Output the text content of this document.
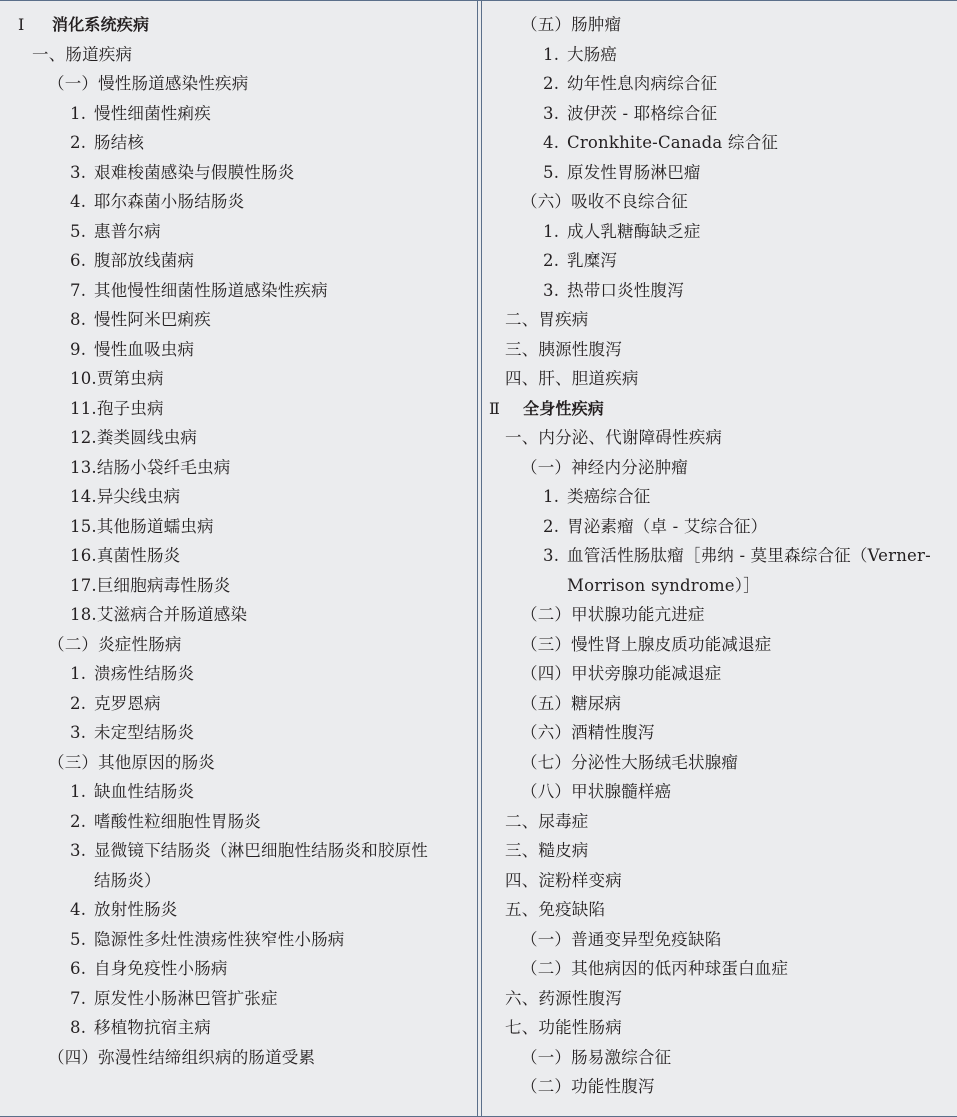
Ⅰ 消化系统疾病
一、肠道疾病
（一）慢性肠道感染性疾病
1. 慢性细菌性痢疾
2. 肠结核
3. 艰难梭菌感染与假膜性肠炎
4. 耶尔森菌小肠结肠炎
5. 惠普尔病
6. 腹部放线菌病
7. 其他慢性细菌性肠道感染性疾病
8. 慢性阿米巴痢疾
9. 慢性血吸虫病
10.贾第虫病
11.孢子虫病
12.粪类圆线虫病
13.结肠小袋纤毛虫病
14.异尖线虫病
15.其他肠道蠕虫病
16.真菌性肠炎
17.巨细胞病毒性肠炎
18.艾滋病合并肠道感染
（二）炎症性肠病
1. 溃疡性结肠炎
2. 克罗恩病
3. 未定型结肠炎
（三）其他原因的肠炎
1. 缺血性结肠炎
2. 嗜酸性粒细胞性胃肠炎
3. 显微镜下结肠炎（淋巴细胞性结肠炎和胶原性
结肠炎）
4. 放射性肠炎
5. 隐源性多灶性溃疡性狭窄性小肠病
6. 自身免疫性小肠病
7. 原发性小肠淋巴管扩张症
8. 移植物抗宿主病
（四）弥漫性结缔组织病的肠道受累
（五）肠肿瘤
1. 大肠癌
2. 幼年性息肉病综合征
3. 波伊茨 - 耶格综合征
4. Cronkhite-Canada 综合征
5. 原发性胃肠淋巴瘤
（六）吸收不良综合征
1. 成人乳糖酶缺乏症
2. 乳糜泻
3. 热带口炎性腹泻
二、胃疾病
三、胰源性腹泻
四、肝、胆道疾病
Ⅱ 全身性疾病
一、内分泌、代谢障碍性疾病
（一）神经内分泌肿瘤
1. 类癌综合征
2. 胃泌素瘤（卓 - 艾综合征）
3. 血管活性肠肽瘤［弗纳 - 莫里森综合征（Verner-
Morrison syndrome）］
（二）甲状腺功能亢进症
（三）慢性肾上腺皮质功能减退症
（四）甲状旁腺功能减退症
（五）糖尿病
（六）酒精性腹泻
（七）分泌性大肠绒毛状腺瘤
（八）甲状腺髓样癌
二、尿毒症
三、糙皮病
四、淀粉样变病
五、免疫缺陷
（一）普通变异型免疫缺陷
（二）其他病因的低丙种球蛋白血症
六、药源性腹泻
七、功能性肠病
（一）肠易激综合征
（二）功能性腹泻
